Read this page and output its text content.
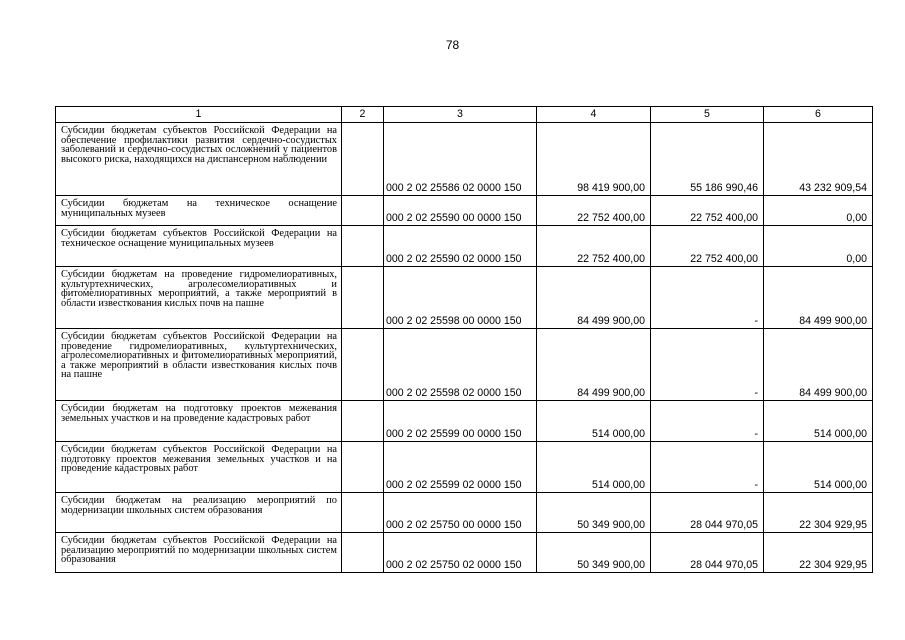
78
1	2	3	4	5	6
Субсидии бюджетам субъектов Российской Федерации на обеспечение профилактики развития сердечно-сосудистых заболеваний и сердечно-сосудистых осложнений у пациентов высокого риска, находящихся на диспансерном наблюдении		000 2 02 25586 02 0000 150	98 419 900,00	55 186 990,46	43 232 909,54
Субсидии бюджетам на техническое оснащение муниципальных музеев		000 2 02 25590 00 0000 150	22 752 400,00	22 752 400,00	0,00
Субсидии бюджетам субъектов Российской Федерации на техническое оснащение муниципальных музеев		000 2 02 25590 02 0000 150	22 752 400,00	22 752 400,00	0,00
Субсидии бюджетам на проведение гидромелиоративных, культуртехнических, агролесомелиоративных и фитомелиоративных мероприятий, а также мероприятий в области известкования кислых почв на пашне		000 2 02 25598 00 0000 150	84 499 900,00	-	84 499 900,00
Субсидии бюджетам субъектов Российской Федерации на проведение гидромелиоративных, культуртехнических, агролесомелиоративных и фитомелиоративных мероприятий, а также мероприятий в области известкования кислых почв на пашне		000 2 02 25598 02 0000 150	84 499 900,00	-	84 499 900,00
Субсидии бюджетам на подготовку проектов межевания земельных участков и на проведение кадастровых работ		000 2 02 25599 00 0000 150	514 000,00	-	514 000,00
Субсидии бюджетам субъектов Российской Федерации на подготовку проектов межевания земельных участков и на проведение кадастровых работ		000 2 02 25599 02 0000 150	514 000,00	-	514 000,00
Субсидии бюджетам на реализацию мероприятий по модернизации школьных систем образования		000 2 02 25750 00 0000 150	50 349 900,00	28 044 970,05	22 304 929,95
Субсидии бюджетам субъектов Российской Федерации на реализацию мероприятий по модернизации школьных систем образования		000 2 02 25750 02 0000 150	50 349 900,00	28 044 970,05	22 304 929,95
